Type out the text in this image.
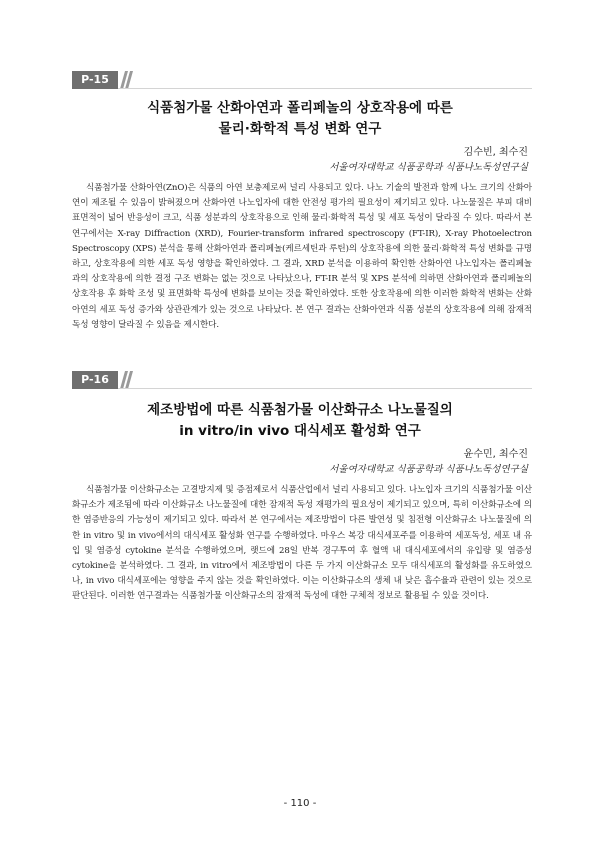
P-15
식품첨가물 산화아연과 폴리페놀의 상호작용에 따른
물리·화학적 특성 변화 연구
김수빈, 최수진
서울여자대학교 식품공학과 식품나노독성연구실
식품첨가물 산화아연(ZnO)은 식품의 아연 보충제로써 널리 사용되고 있다. 나노 기술의 발전과 함께 나노 크기의 산화아연이 제조될 수 있음이 밝혀졌으며 산화아연 나노입자에 대한 안전성 평가의 필요성이 제기되고 있다. 나노물질은 부피 대비 표면적이 넓어 반응성이 크고, 식품 성분과의 상호작용으로 인해 물리·화학적 특성 및 세포 독성이 달라질 수 있다. 따라서 본 연구에서는 X-ray Diffraction (XRD), Fourier-transform infrared spectroscopy (FT-IR), X-ray Photoelectron Spectroscopy (XPS) 분석을 통해 산화아연과 폴리페놀(케르세틴과 루틴)의 상호작용에 의한 물리·화학적 특성 변화를 규명하고, 상호작용에 의한 세포 독성 영향을 확인하였다. 그 결과, XRD 분석을 이용하여 확인한 산화아연 나노입자는 폴리페놀과의 상호작용에 의한 결정 구조 변화는 없는 것으로 나타났으나, FT-IR 분석 및 XPS 분석에 의하면 산화아연과 폴리페놀의 상호작용 후 화학 조성 및 표면화학 특성에 변화를 보이는 것을 확인하였다. 또한 상호작용에 의한 이러한 화학적 변화는 산화아연의 세포 독성 증가와 상관관계가 있는 것으로 나타났다. 본 연구 결과는 산화아연과 식품 성분의 상호작용에 의해 잠재적 독성 영향이 달라질 수 있음을 제시한다.
P-16
제조방법에 따른 식품첨가물 이산화규소 나노물질의
in vitro/in vivo 대식세포 활성화 연구
윤수민, 최수진
서울여자대학교 식품공학과 식품나노독성연구실
식품첨가물 이산화규소는 고결방지제 및 증점제로서 식품산업에서 널리 사용되고 있다. 나노입자 크기의 식품첨가물 이산화규소가 제조됨에 따라 이산화규소 나노물질에 대한 잠재적 독성 재평가의 필요성이 제기되고 있으며, 특히 이산화규소에 의한 염증반응의 가능성이 제기되고 있다. 따라서 본 연구에서는 제조방법이 다른 발연성 및 침전형 이산화규소 나노물질에 의한 in vitro 및 in vivo에서의 대식세포 활성화 연구를 수행하였다. 마우스 복강 대식세포주를 이용하여 세포독성, 세포 내 유입 및 염증성 cytokine 분석을 수행하였으며, 랫드에 28일 반복 경구투여 후 혈액 내 대식세포에서의 유입량 및 염증성 cytokine을 분석하였다. 그 결과, in vitro에서 제조방법이 다른 두 가지 이산화규소 모두 대식세포의 활성화를 유도하였으나, in vivo 대식세포에는 영향을 주지 않는 것을 확인하였다. 이는 이산화규소의 생체 내 낮은 흡수율과 관련이 있는 것으로 판단된다. 이러한 연구결과는 식품첨가물 이산화규소의 잠재적 독성에 대한 구체적 정보로 활용될 수 있을 것이다.
- 110 -
